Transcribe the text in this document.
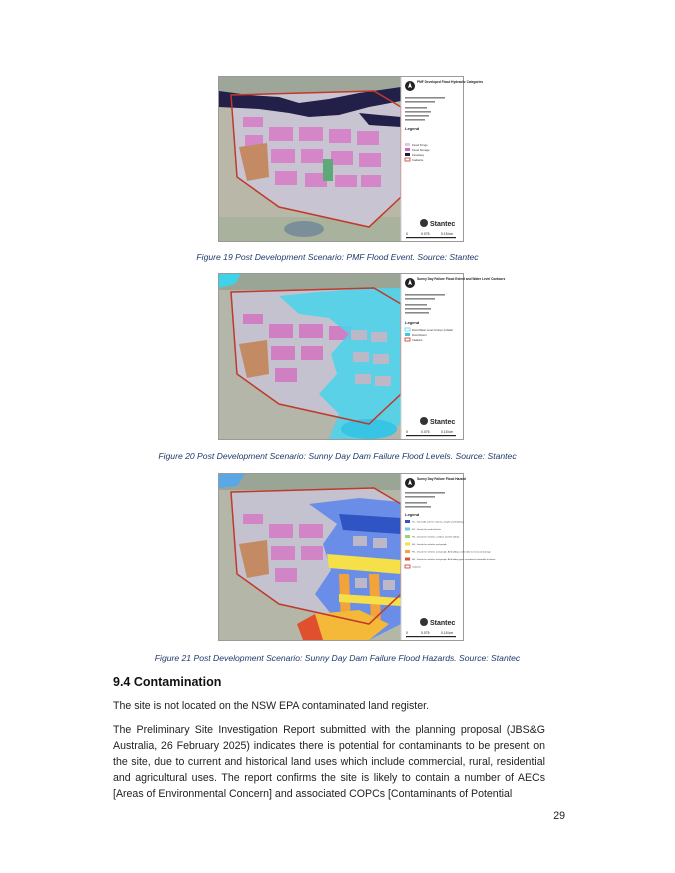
PMF Developed Flood Hydraulic Categories
Legend
Flood Fringe
Flood Storage
Floodway
Cadastre
Stantec
0	0.075	0.15 km
Figure 19 Post Development Scenario: PMF Flood Event. Source: Stantec
Sunny Day Failure Flood Extent and Water Level Contours
Legend
Flood Water Level Contour (mAHD)
Flood Extent
Cadastre
Stantec
0	0.075	0.15 km
Figure 20 Post Development Scenario: Sunny Day Dam Failure Flood Levels. Source: Stantec
Sunny Day Failure Flood Hazard
Legend
H1 - Generally safe for vehicles, people and buildings
H2 - Unsafe for small vehicles
H3 - Unsafe for vehicles, children and the elderly
H4 - Unsafe for vehicles and people
H5 - Unsafe for vehicles and people. All buildings vulnerable to structural damage
H6 - Unsafe for vehicles and people. All building types considered vulnerable to failure
Cadastre
Stantec
0	0.075	0.15 km
Figure 21 Post Development Scenario: Sunny Day Dam Failure Flood Hazards. Source: Stantec
9.4 Contamination

The site is not located on the NSW EPA contaminated land register.

The Preliminary Site Investigation Report submitted with the planning proposal (JBS&G Australia, 26 February 2025) indicates there is potential for contaminants to be present on the site, due to current and historical land uses which include commercial, rural, residential and agricultural uses. The report confirms the site is likely to contain a number of AECs [Areas of Environmental Concern] and associated COPCs [Contaminants of Potential

29
